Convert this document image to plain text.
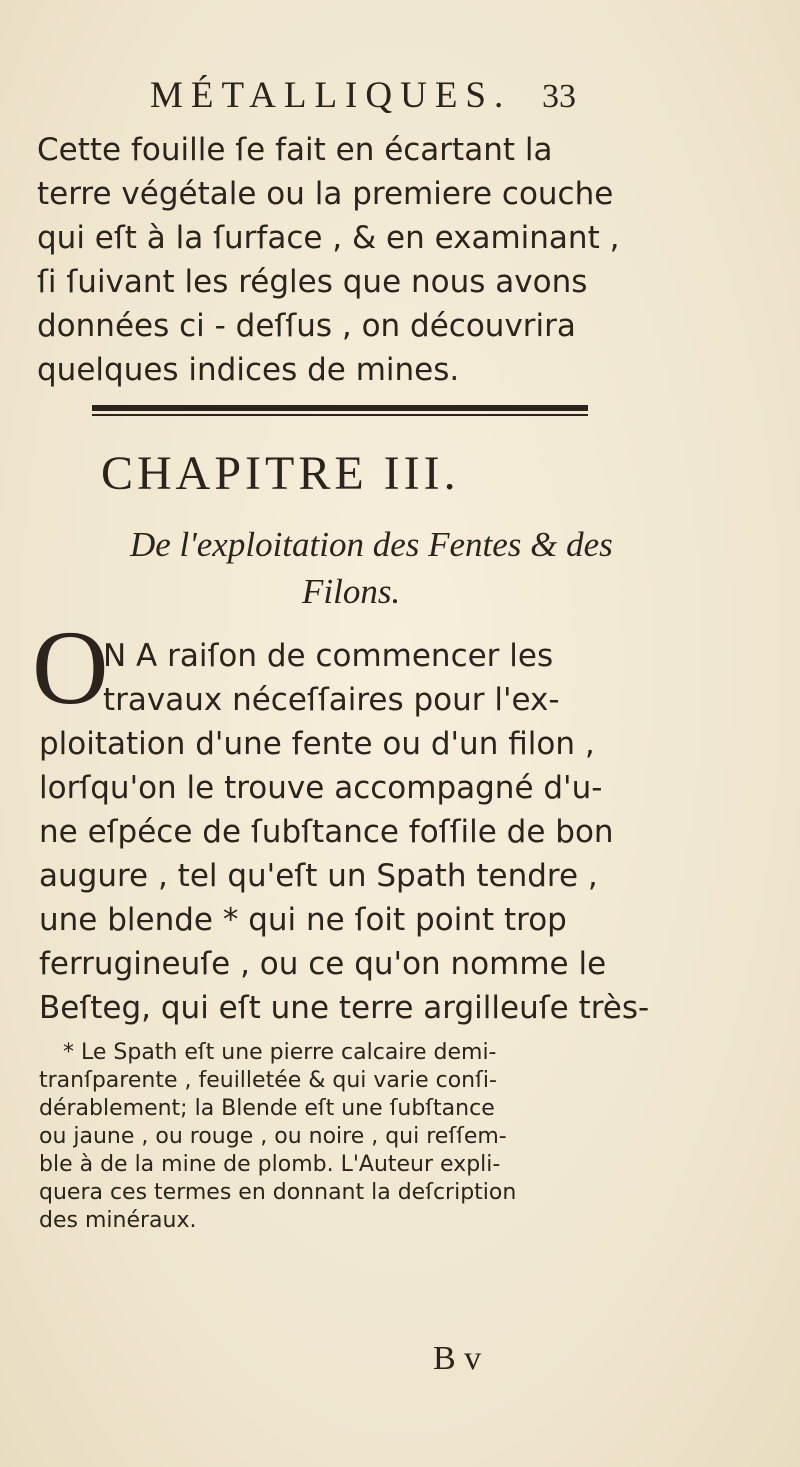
MÉTALLIQUES. 33
Cette fouille ſe fait en écartant la
terre végétale ou la premiere couche
qui eſt à la ſurface , & en examinant ,
ſi ſuivant les régles que nous avons
données ci - deſſus , on découvrira
quelques indices de mines.
CHAPITRE III.
De l'exploitation des Fentes & des
Filons.
O
N A raiſon de commencer les
travaux néceſſaires pour l'ex-
ploitation d'une fente ou d'un filon ,
lorſqu'on le trouve accompagné d'u-
ne eſpéce de ſubſtance foſſile de bon
augure , tel qu'eſt un Spath tendre ,
une blende * qui ne ſoit point trop
ferrugineuſe , ou ce qu'on nomme le
Beſteg, qui eſt une terre argilleuſe très-
* Le Spath eſt une pierre calcaire demi-
tranſparente , feuilletée & qui varie conſi-
dérablement; la Blende eſt une ſubſtance
ou jaune , ou rouge , ou noire , qui reſſem-
ble à de la mine de plomb. L'Auteur expli-
quera ces termes en donnant la deſcription
des minéraux.
B v
